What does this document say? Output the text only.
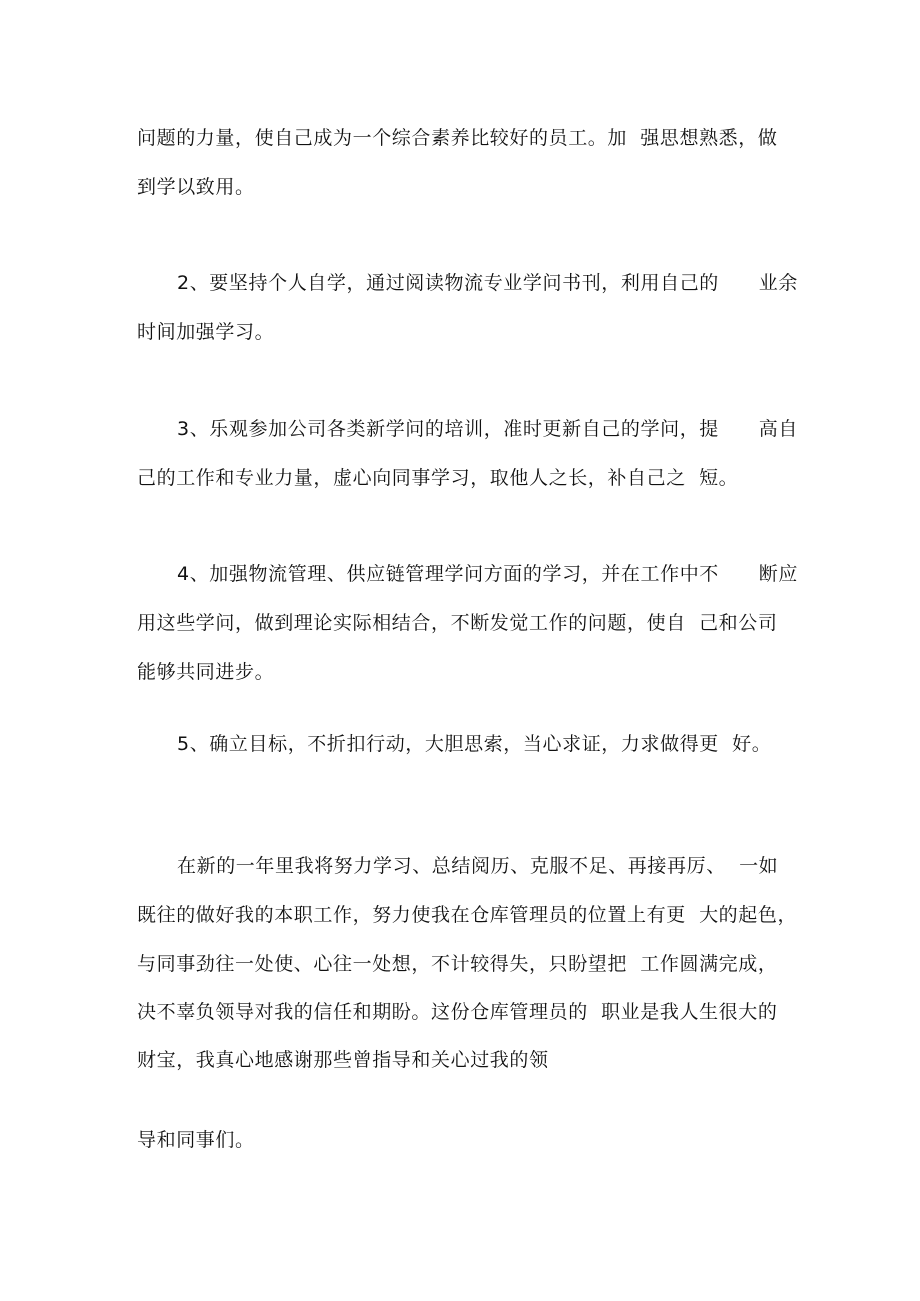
问题的力量，使自己成为一个综合素养比较好的员工。加  强思想熟悉，做
到学以致用。
2、要坚持个人自学，通过阅读物流专业学问书刊，利用自己的      业余
时间加强学习。
3、乐观参加公司各类新学问的培训，准时更新自己的学问，提      高自
己的工作和专业力量，虚心向同事学习，取他人之长，补自己之  短。
4、加强物流管理、供应链管理学问方面的学习，并在工作中不      断应
用这些学问，做到理论实际相结合，不断发觉工作的问题，使自  己和公司
能够共同进步。
5、确立目标，不折扣行动，大胆思索，当心求证，力求做得更  好。
在新的一年里我将努力学习、总结阅历、克服不足、再接再厉、  一如
既往的做好我的本职工作，努力使我在仓库管理员的位置上有更  大的起色，
与同事劲往一处使、心往一处想，不计较得失，只盼望把  工作圆满完成，
决不辜负领导对我的信任和期盼。这份仓库管理员的  职业是我人生很大的
财宝，我真心地感谢那些曾指导和关心过我的领
导和同事们。
